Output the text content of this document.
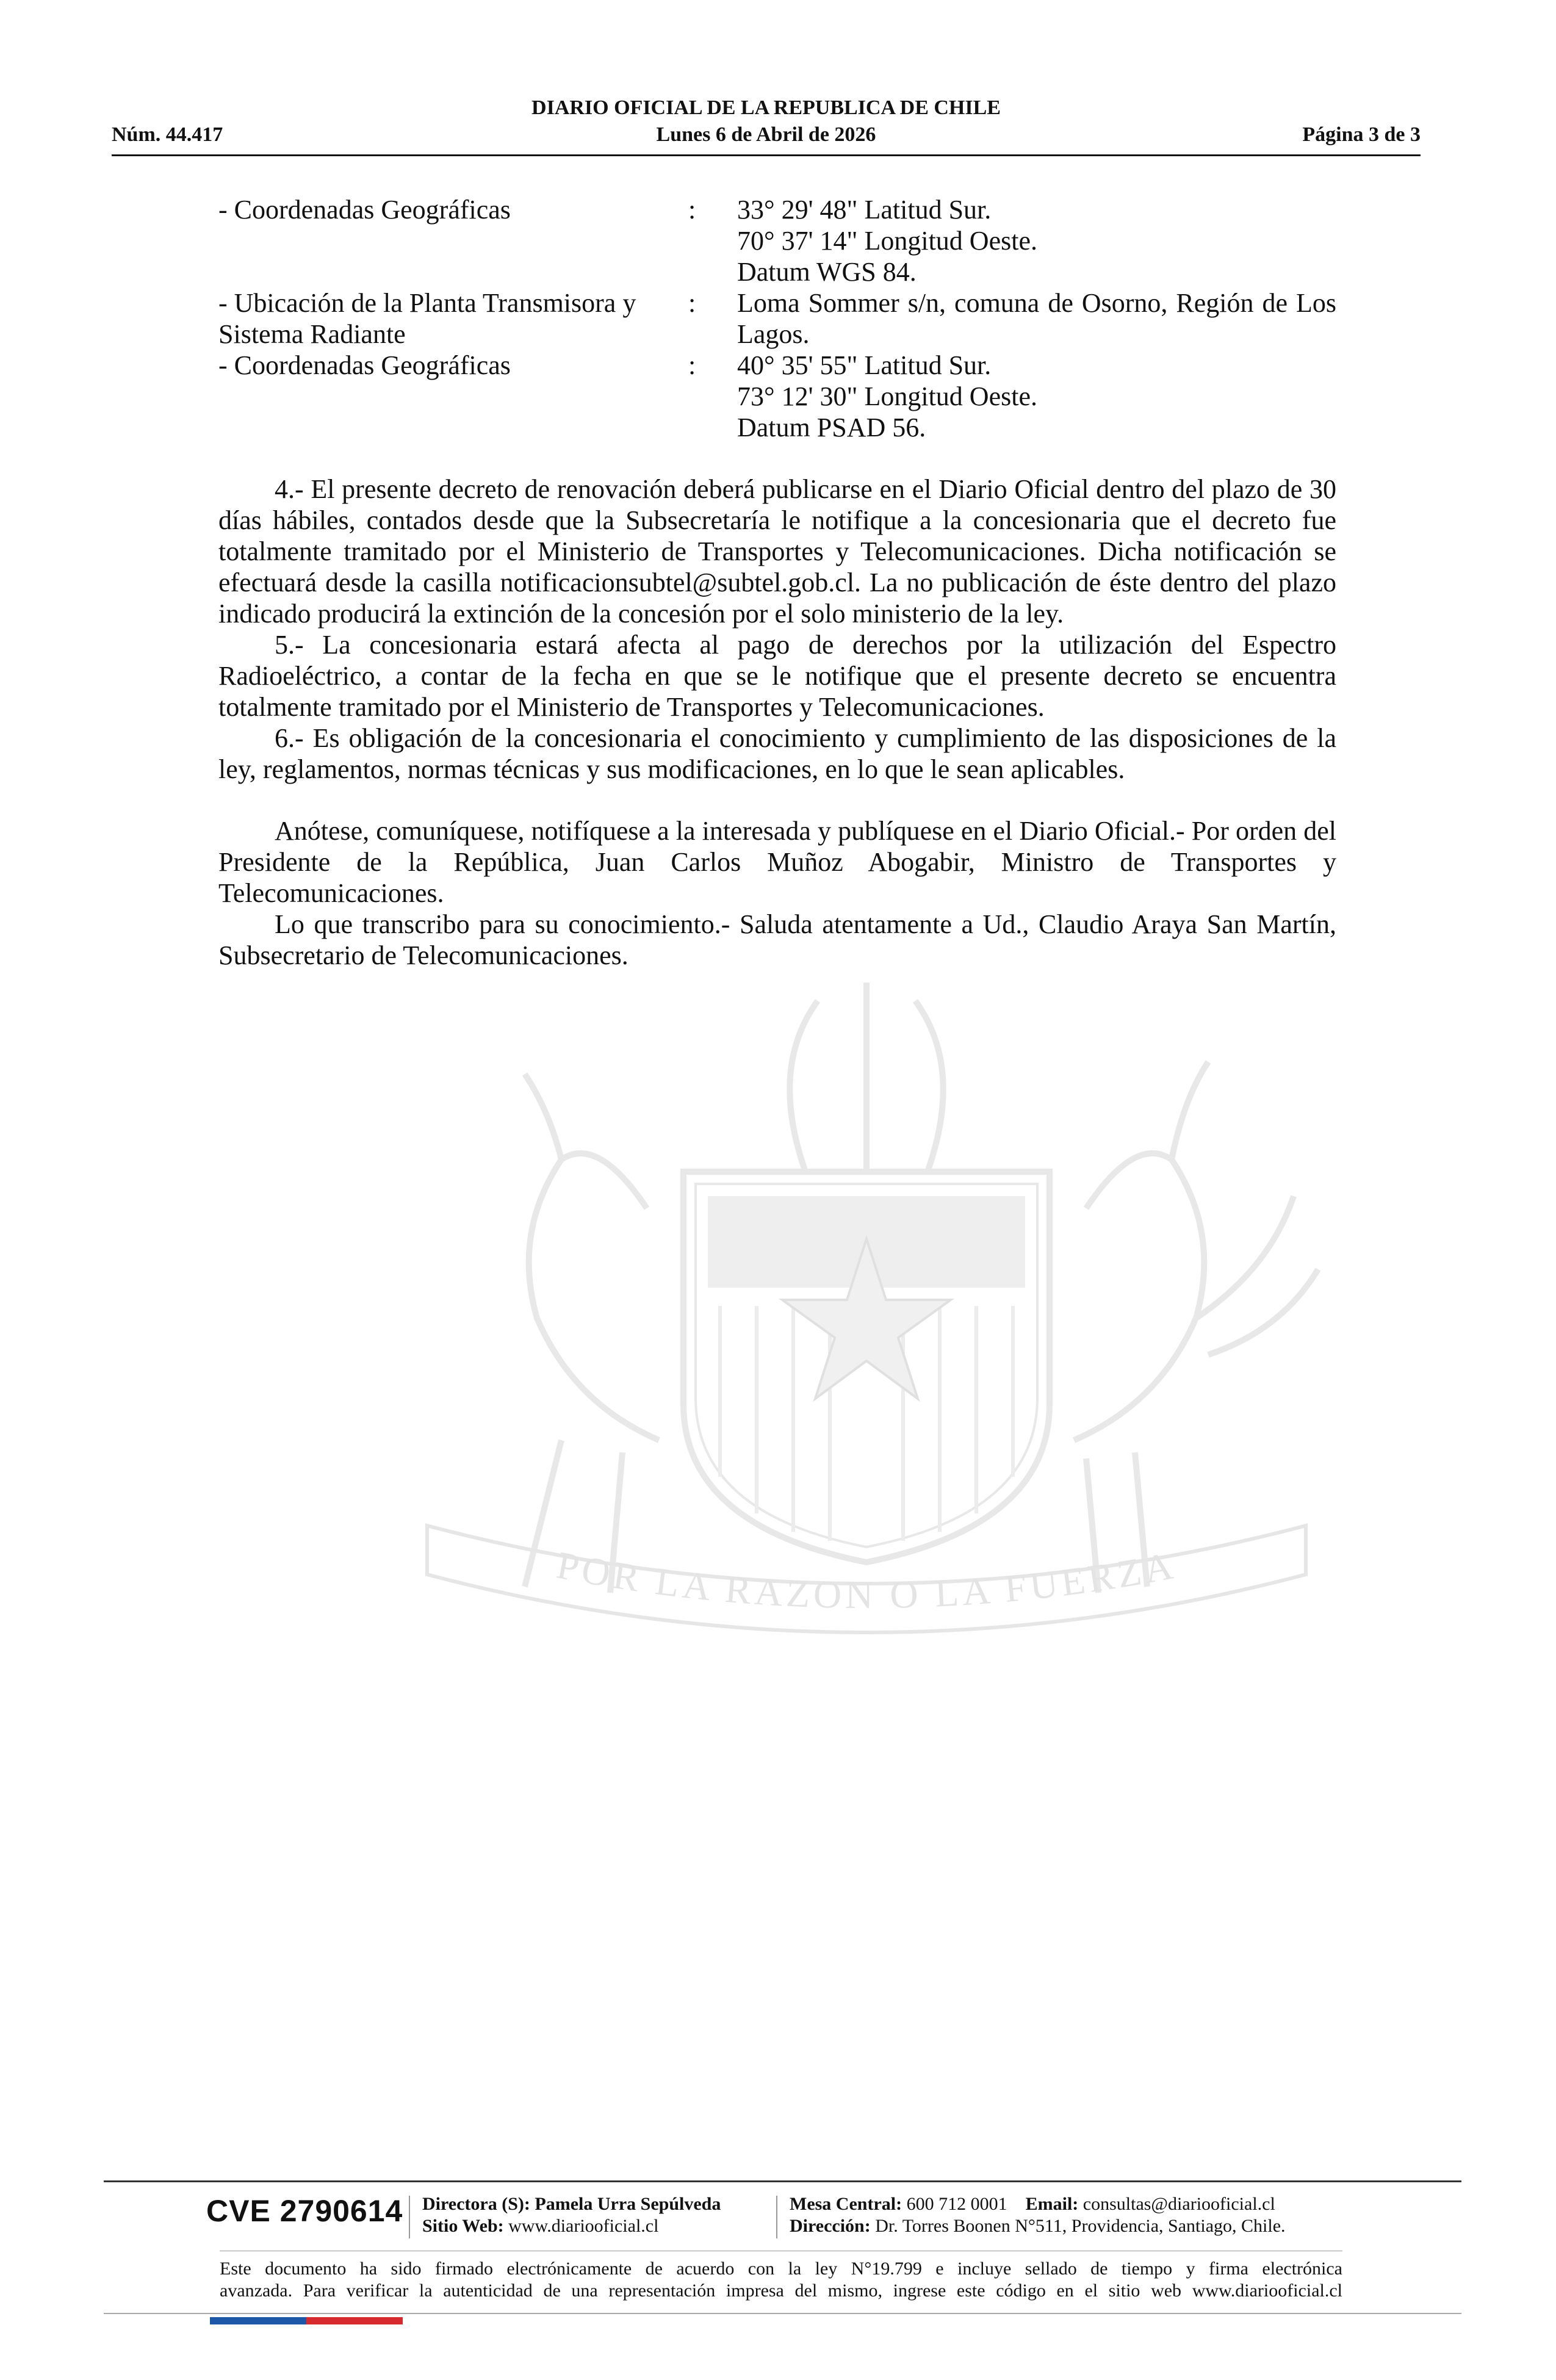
DIARIO OFICIAL DE LA REPUBLICA DE CHILE
Núm. 44.417	Lunes 6 de Abril de 2026	Página 3 de 3
POR LA RAZON O LA FUERZA
- Coordenadas Geográficas	:	33° 29' 48" Latitud Sur.
70° 37' 14" Longitud Oeste.
Datum WGS 84.
- Ubicación de la Planta Transmisora y
Sistema Radiante
:	Loma Sommer s/n, comuna de Osorno, Región de Los Lagos.
- Coordenadas Geográficas	:	40° 35' 55" Latitud Sur.
73° 12' 30" Longitud Oeste.
Datum PSAD 56.

4.- El presente decreto de renovación deberá publicarse en el Diario Oficial dentro del plazo de 30 días hábiles, contados desde que la Subsecretaría le notifique a la concesionaria que el decreto fue totalmente tramitado por el Ministerio de Transportes y Telecomunicaciones. Dicha notificación se efectuará desde la casilla notificacionsubtel@subtel.gob.cl. La no publicación de éste dentro del plazo indicado producirá la extinción de la concesión por el solo ministerio de la ley.

5.- La concesionaria estará afecta al pago de derechos por la utilización del Espectro Radioeléctrico, a contar de la fecha en que se le notifique que el presente decreto se encuentra totalmente tramitado por el Ministerio de Transportes y Telecomunicaciones.

6.- Es obligación de la concesionaria el conocimiento y cumplimiento de las disposiciones de la ley, reglamentos, normas técnicas y sus modificaciones, en lo que le sean aplicables.

Anótese, comuníquese, notifíquese a la interesada y publíquese en el Diario Oficial.- Por orden del Presidente de la República, Juan Carlos Muñoz Abogabir, Ministro de Transportes y Telecomunicaciones.

Lo que transcribo para su conocimiento.- Saluda atentamente a Ud., Claudio Araya San Martín, Subsecretario de Telecomunicaciones.

CVE 2790614 Directora (S): Pamela Urra Sepúlveda
Sitio Web: www.diariooficial.cl
Mesa Central: 600 712 0001 Email: consultas@diariooficial.cl
Dirección: Dr. Torres Boonen N°511, Providencia, Santiago, Chile.
Este documento ha sido firmado electrónicamente de acuerdo con la ley N°19.799 e incluye sellado de tiempo y firma electrónica
avanzada. Para verificar la autenticidad de una representación impresa del mismo, ingrese este código en el sitio web www.diariooficial.cl
